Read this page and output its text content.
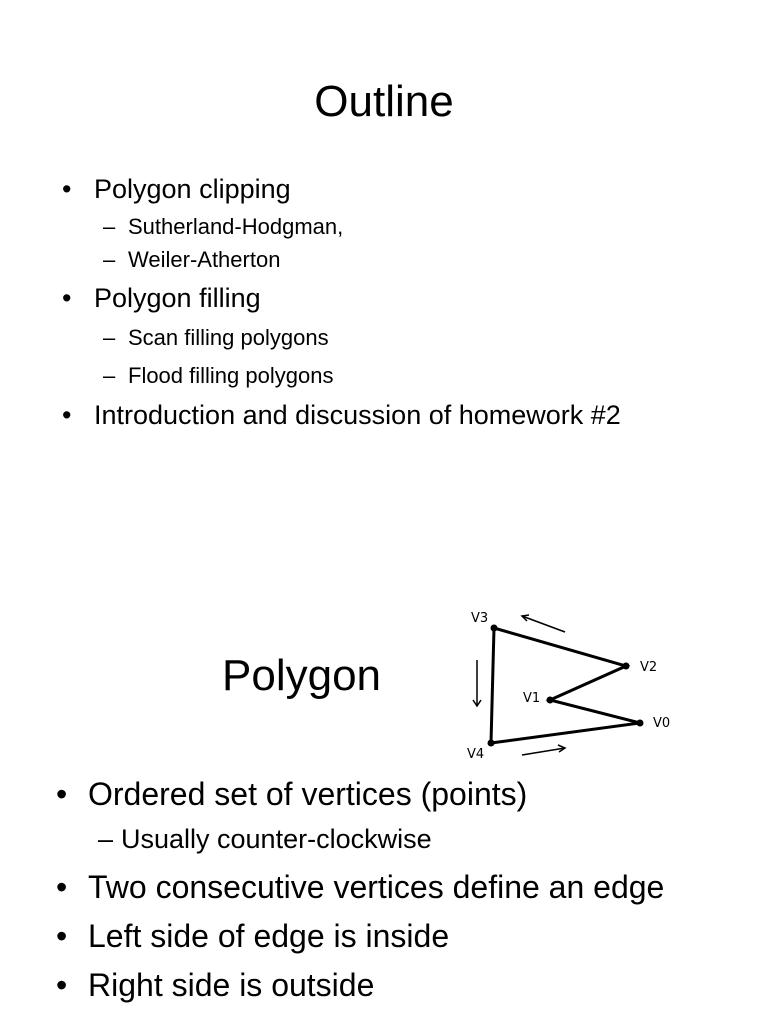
Outline
• Polygon clipping
– Sutherland-Hodgman,
– Weiler-Atherton
• Polygon filling
– Scan filling polygons
– Flood filling polygons
• Introduction and discussion of homework #2
Polygon
V0
V1
V2
V3
V4
• Ordered set of vertices (points)
– Usually counter-clockwise
• Two consecutive vertices define an edge
• Left side of edge is inside
• Right side is outside
